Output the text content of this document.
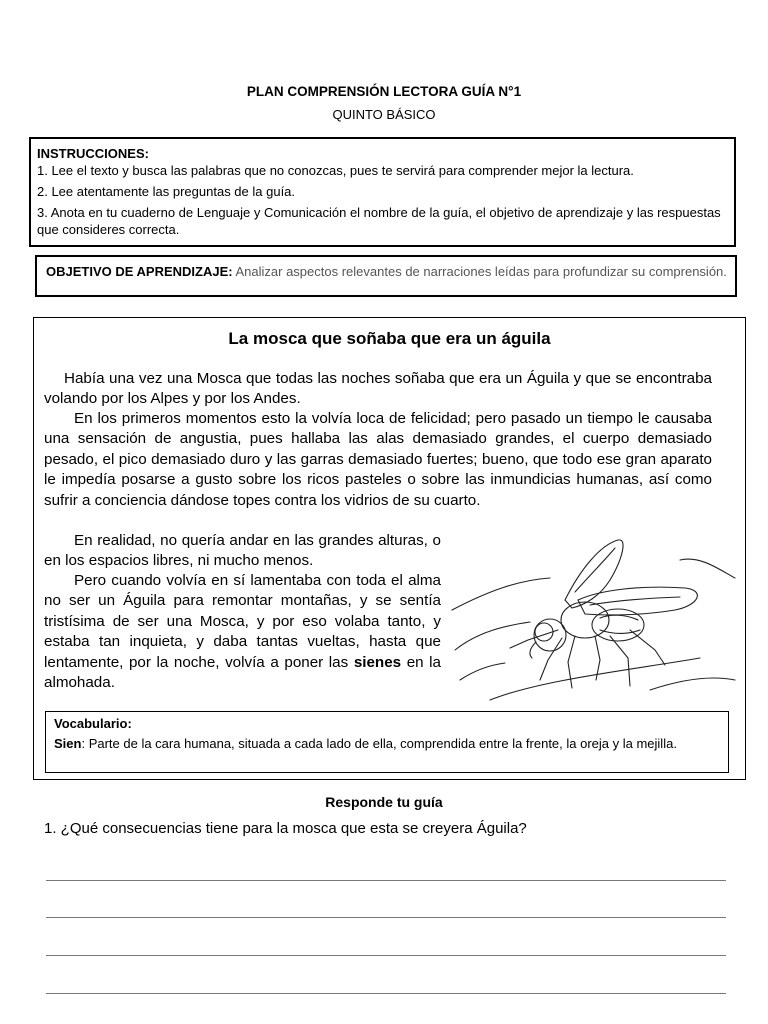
PLAN COMPRENSIÓN LECTORA GUÍA N°1
QUINTO BÁSICO
INSTRUCCIONES:
1. Lee el texto y busca las palabras que no conozcas, pues te servirá para comprender mejor la lectura.
2. Lee atentamente las preguntas de la guía.
3. Anota en tu cuaderno de Lenguaje y Comunicación el nombre de la guía, el objetivo de aprendizaje y las respuestas que consideres correcta.
OBJETIVO DE APRENDIZAJE: Analizar aspectos relevantes de narraciones leídas para profundizar su comprensión.
La mosca que soñaba que era un águila
Había una vez una Mosca que todas las noches soñaba que era un Águila y que se encontraba volando por los Alpes y por los Andes.
En los primeros momentos esto la volvía loca de felicidad; pero pasado un tiempo le causaba una sensación de angustia, pues hallaba las alas demasiado grandes, el cuerpo demasiado pesado, el pico demasiado duro y las garras demasiado fuertes; bueno, que todo ese gran aparato le impedía posarse a gusto sobre los ricos pasteles o sobre las inmundicias humanas, así como sufrir a conciencia dándose topes contra los vidrios de su cuarto.
En realidad, no quería andar en las grandes alturas, o en los espacios libres, ni mucho menos.
Pero cuando volvía en sí lamentaba con toda el alma no ser un Águila para remontar montañas, y se sentía tristísima de ser una Mosca, y por eso volaba tanto, y estaba tan inquieta, y daba tantas vueltas, hasta que lentamente, por la noche, volvía a poner las sienes en la almohada.
Vocabulario:
Sien: Parte de la cara humana, situada a cada lado de ella, comprendida entre la frente, la oreja y la mejilla.
Responde tu guía
1. ¿Qué consecuencias tiene para la mosca que esta se creyera Águila?
